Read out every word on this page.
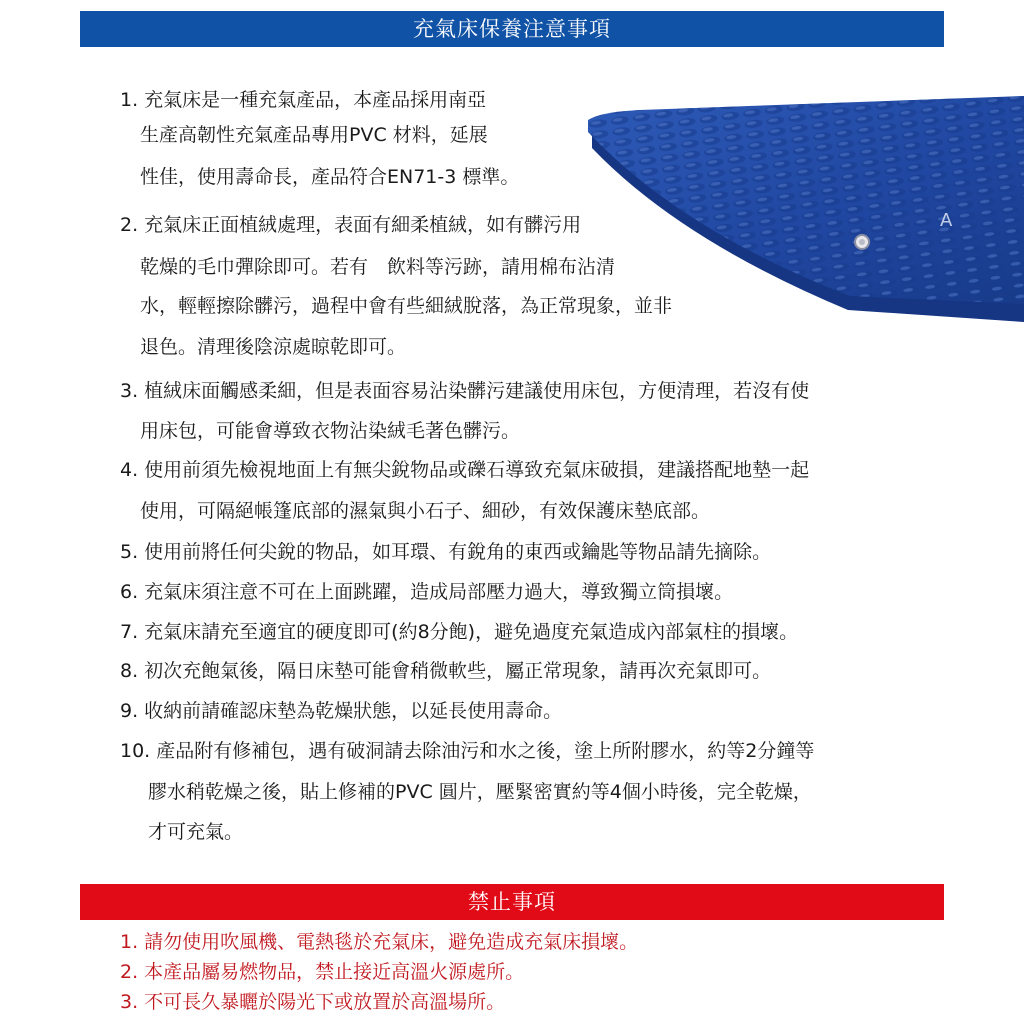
充氣床保養注意事項
A
1. 充氣床是一種充氣產品，本產品採用南亞
生產高韌性充氣產品專用PVC 材料，延展
性佳，使用壽命長，產品符合EN71-3 標準。
2. 充氣床正面植絨處理，表面有細柔植絨，如有髒污用
乾燥的毛巾彈除即可。若有　飲料等污跡，請用棉布沾清
水，輕輕擦除髒污，過程中會有些細絨脫落，為正常現象，並非
退色。清理後陰涼處晾乾即可。
3. 植絨床面觸感柔細，但是表面容易沾染髒污建議使用床包，方便清理，若沒有使
用床包，可能會導致衣物沾染絨毛著色髒污。
4. 使用前須先檢視地面上有無尖銳物品或礫石導致充氣床破損，建議搭配地墊一起
使用，可隔絕帳篷底部的濕氣與小石子、細砂，有效保護床墊底部。
5. 使用前將任何尖銳的物品，如耳環、有銳角的東西或鑰匙等物品請先摘除。
6. 充氣床須注意不可在上面跳躍，造成局部壓力過大，導致獨立筒損壞。
7. 充氣床請充至適宜的硬度即可(約8分飽)，避免過度充氣造成內部氣柱的損壞。
8. 初次充飽氣後，隔日床墊可能會稍微軟些，屬正常現象，請再次充氣即可。
9. 收納前請確認床墊為乾燥狀態，以延長使用壽命。
10. 產品附有修補包，遇有破洞請去除油污和水之後，塗上所附膠水，約等2分鐘等
膠水稍乾燥之後，貼上修補的PVC 圓片，壓緊密實約等4個小時後，完全乾燥，
才可充氣。
禁止事項
1. 請勿使用吹風機、電熱毯於充氣床，避免造成充氣床損壞。
2. 本產品屬易燃物品，禁止接近高溫火源處所。
3. 不可長久暴曬於陽光下或放置於高溫場所。
